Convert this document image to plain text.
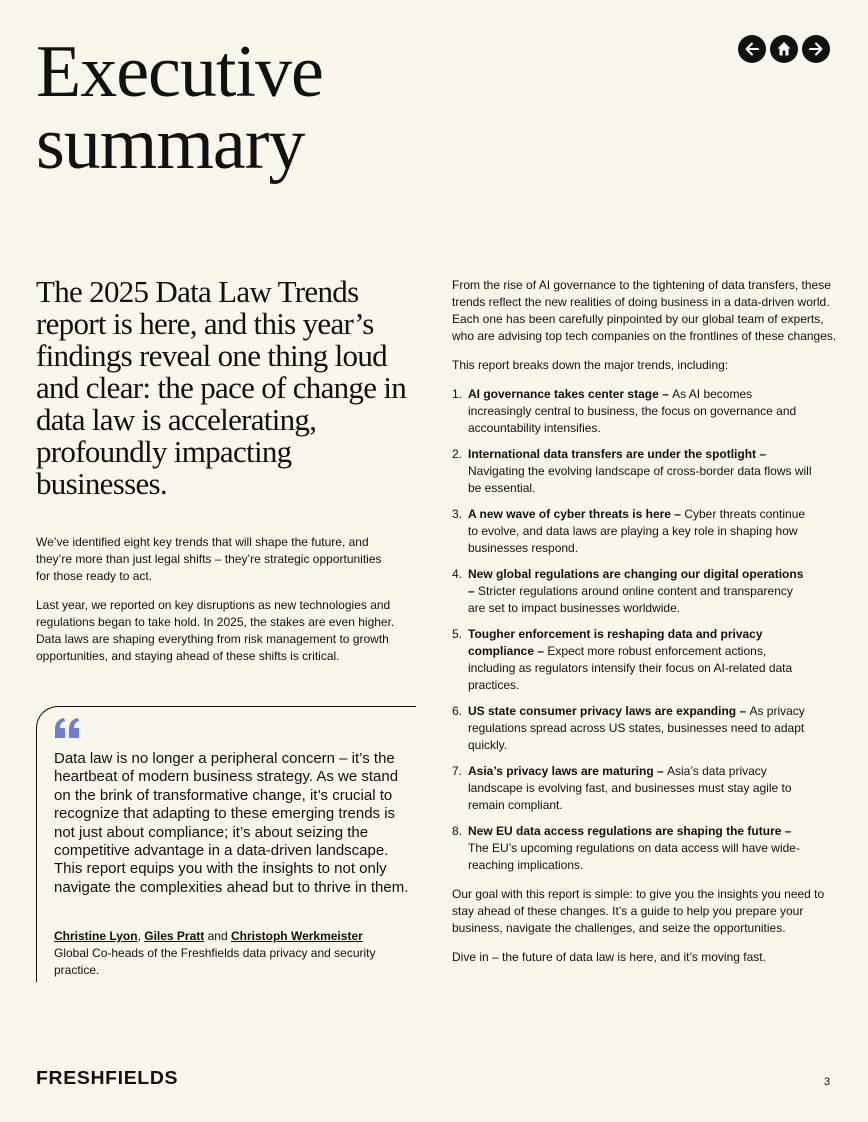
Executive
summary
The 2025 Data Law Trends report is here, and this year’s findings reveal one thing loud and clear: the pace of change in data law is accelerating, profoundly impacting businesses.

We’ve identified eight key trends that will shape the future, and they’re more than just legal shifts – they’re strategic opportunities for those ready to act.

Last year, we reported on key disruptions as new technologies and regulations began to take hold. In 2025, the stakes are even higher. Data laws are shaping everything from risk management to growth opportunities, and staying ahead of these shifts is critical.

Data law is no longer a peripheral concern – it’s the heartbeat of modern business strategy. As we stand on the brink of transformative change, it’s crucial to recognize that adapting to these emerging trends is not just about compliance; it’s about seizing the competitive advantage in a data-driven landscape. This report equips you with the insights to not only navigate the complexities ahead but to thrive in them.
Christine Lyon, Giles Pratt and Christoph Werkmeister
Global Co-heads of the Freshfields data privacy and security practice.

From the rise of AI governance to the tightening of data transfers, these trends reflect the new realities of doing business in a data-driven world. Each one has been carefully pinpointed by our global team of experts, who are advising top tech companies on the frontlines of these changes.

This report breaks down the major trends, including:

1. AI governance takes center stage – As AI becomes increasingly central to business, the focus on governance and accountability intensifies.
2. International data transfers are under the spotlight – Navigating the evolving landscape of cross-border data flows will be essential.
3. A new wave of cyber threats is here – Cyber threats continue to evolve, and data laws are playing a key role in shaping how businesses respond.
4. New global regulations are changing our digital operations – Stricter regulations around online content and transparency are set to impact businesses worldwide.
5. Tougher enforcement is reshaping data and privacy compliance – Expect more robust enforcement actions, including as regulators intensify their focus on AI-related data practices.
6. US state consumer privacy laws are expanding – As privacy regulations spread across US states, businesses need to adapt quickly.
7. Asia’s privacy laws are maturing – Asia’s data privacy landscape is evolving fast, and businesses must stay agile to remain compliant.
8. New EU data access regulations are shaping the future – The EU’s upcoming regulations on data access will have wide-reaching implications.

Our goal with this report is simple: to give you the insights you need to stay ahead of these changes. It’s a guide to help you prepare your business, navigate the challenges, and seize the opportunities.

Dive in – the future of data law is here, and it’s moving fast.

FRESHFIELDS	3
